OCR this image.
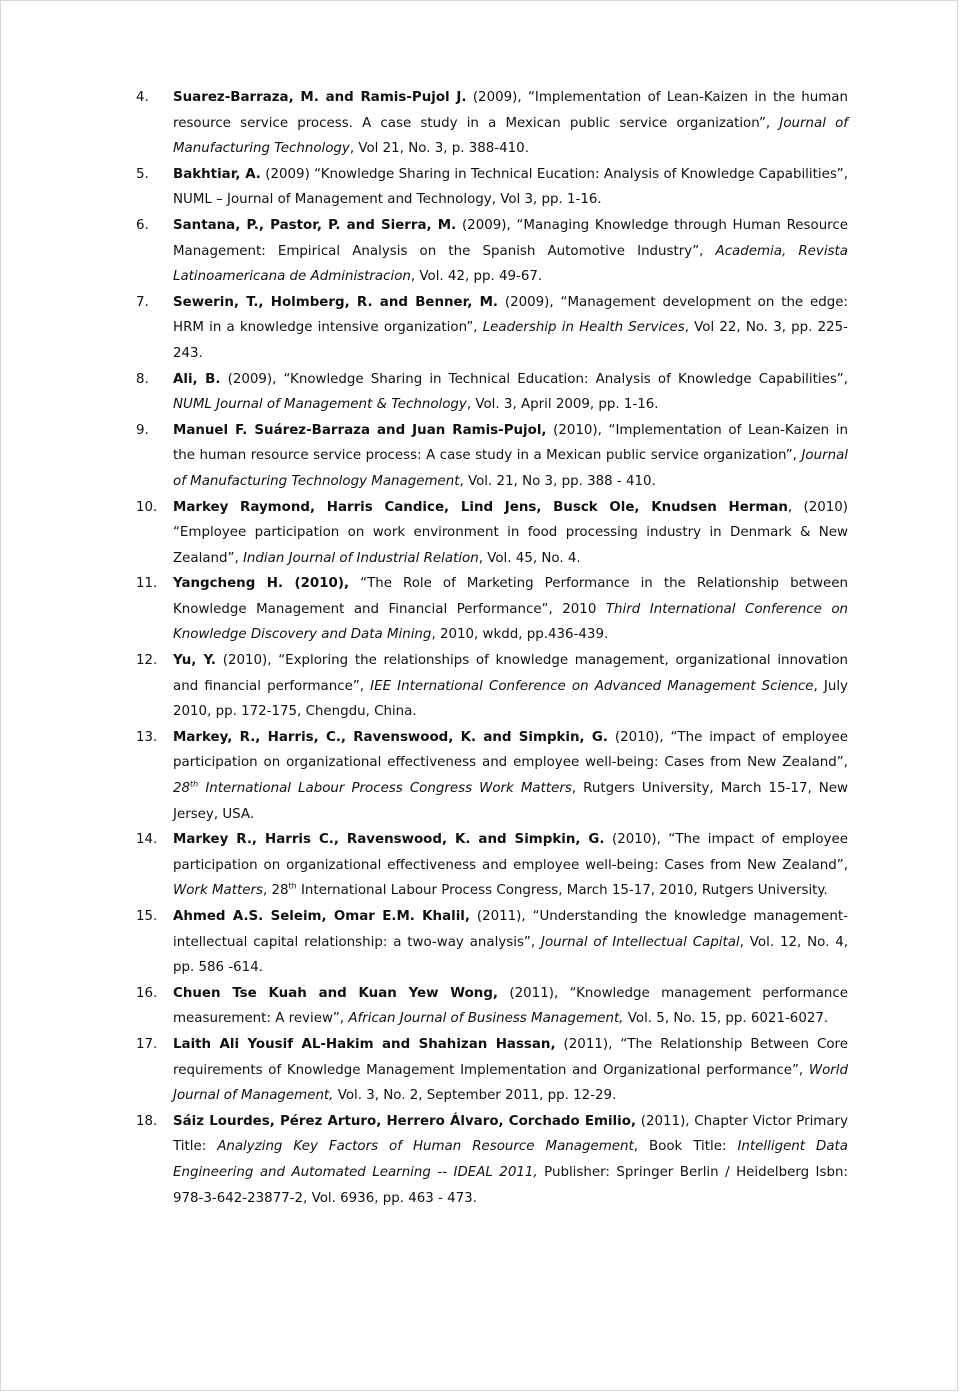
4. Suarez-Barraza, M. and Ramis-Pujol J. (2009), “Implementation of Lean-Kaizen in the human resource service process. A case study in a Mexican public service organization”, Journal of Manufacturing Technology, Vol 21, No. 3, p. 388-410.

5. Bakhtiar, A. (2009) “Knowledge Sharing in Technical Eucation: Analysis of Knowledge Capabilities”, NUML – Journal of Management and Technology, Vol 3, pp. 1-16.

6. Santana, P., Pastor, P. and Sierra, M. (2009), “Managing Knowledge through Human Resource Management: Empirical Analysis on the Spanish Automotive Industry”, Academia, Revista Latinoamericana de Administracion, Vol. 42, pp. 49-67.

7. Sewerin, T., Holmberg, R. and Benner, M. (2009), “Management development on the edge: HRM in a knowledge intensive organization”, Leadership in Health Services, Vol 22, No. 3, pp. 225-243.

8. Ali, B. (2009), “Knowledge Sharing in Technical Education: Analysis of Knowledge Capabilities”, NUML Journal of Management & Technology, Vol. 3, April 2009, pp. 1-16.

9. Manuel F. Suárez-Barraza and Juan Ramis-Pujol, (2010), “Implementation of Lean-Kaizen in the human resource service process: A case study in a Mexican public service organization”, Journal of Manufacturing Technology Management, Vol. 21, No 3, pp. 388 - 410.

10. Markey Raymond, Harris Candice, Lind Jens, Busck Ole, Knudsen Herman, (2010) “Employee participation on work environment in food processing industry in Denmark & New Zealand”, Indian Journal of Industrial Relation, Vol. 45, No. 4.

11. Yangcheng H. (2010), “The Role of Marketing Performance in the Relationship between Knowledge Management and Financial Performance”, 2010 Third International Conference on Knowledge Discovery and Data Mining, 2010, wkdd, pp.436-439.

12. Yu, Y. (2010), “Exploring the relationships of knowledge management, organizational innovation and financial performance”, IEE International Conference on Advanced Management Science, July 2010, pp. 172-175, Chengdu, China.

13. Markey, R., Harris, C., Ravenswood, K. and Simpkin, G. (2010), “The impact of employee participation on organizational effectiveness and employee well-being: Cases from New Zealand”, 28th International Labour Process Congress Work Matters, Rutgers University, March 15-17, New Jersey, USA.

14. Markey R., Harris C., Ravenswood, K. and Simpkin, G. (2010), “The impact of employee participation on organizational effectiveness and employee well-being: Cases from New Zealand”, Work Matters, 28th International Labour Process Congress, March 15-17, 2010, Rutgers University.

15. Ahmed A.S. Seleim, Omar E.M. Khalil, (2011), “Understanding the knowledge management-intellectual capital relationship: a two-way analysis”, Journal of Intellectual Capital, Vol. 12, No. 4, pp. 586 -614.

16. Chuen Tse Kuah and Kuan Yew Wong, (2011), “Knowledge management performance measurement: A review”, African Journal of Business Management, Vol. 5, No. 15, pp. 6021-6027.

17. Laith Ali Yousif AL-Hakim and Shahizan Hassan, (2011), “The Relationship Between Core requirements of Knowledge Management Implementation and Organizational performance”, World Journal of Management, Vol. 3, No. 2, September 2011, pp. 12-29.

18. Sáiz Lourdes, Pérez Arturo, Herrero Álvaro, Corchado Emilio, (2011), Chapter Victor Primary Title: Analyzing Key Factors of Human Resource Management, Book Title: Intelligent Data Engineering and Automated Learning -- IDEAL 2011, Publisher: Springer Berlin / Heidelberg Isbn: 978-3-642-23877-2, Vol. 6936, pp. 463 - 473.
